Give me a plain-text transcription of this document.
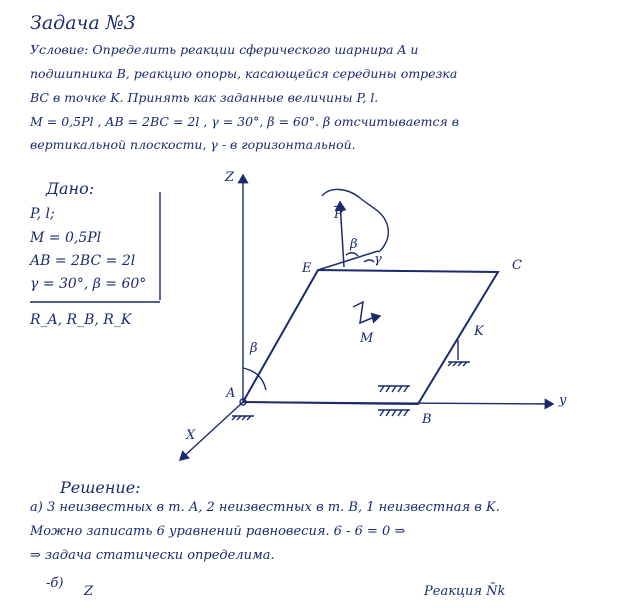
Задача №3
Условие: Определить реакции сферического шарнира A и
подшипника B, реакцию опоры, касающейся середины отрезка
BC в точке K. Принять как заданные величины P, l.
M = 0,5Pl , AB = 2BC = 2l , γ = 30°, β = 60°. β отсчитывается в
вертикальной плоскости, γ - в горизонтальной.
Дано:
P, l;
M = 0,5Pl
AB = 2BC = 2l
γ = 30°, β = 60°
R_A, R_B, R_K
Z
y
X
A
B
C
E
K
$\overline{P}$
M
β
β
γ
Решение:
a) 3 неизвестных в т. A, 2 неизвестных в т. B, 1 неизвестная в K.
Можно записать 6 уравнений равновесия. 6 - 6 = 0 ⇒
⇒ задача статически определима.
-б)
Z	Реакция N̄k
